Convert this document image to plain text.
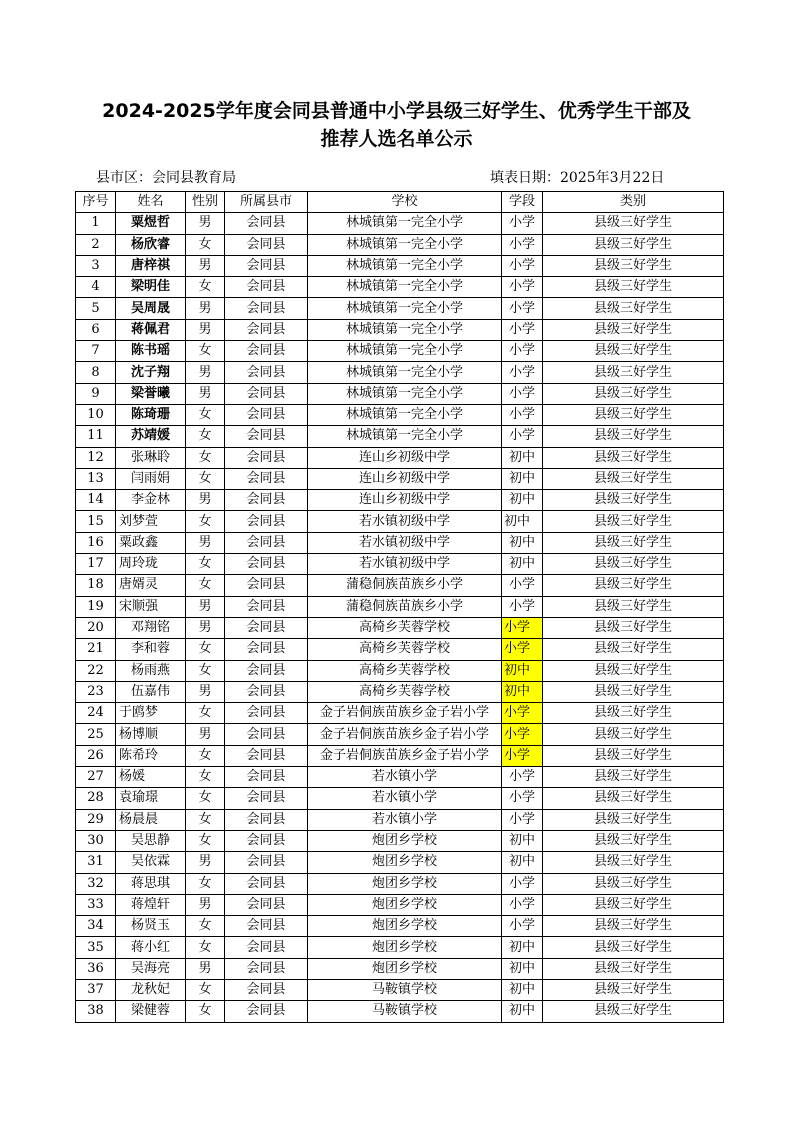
2024-2025学年度会同县普通中小学县级三好学生、优秀学生干部及
推荐人选名单公示
县市区：会同县教育局	填表日期：2025年3月22日
序号	姓名	性别	所属县市	学校	学段	类别
1	粟煜哲	男	会同县	林城镇第一完全小学	小学	县级三好学生
2	杨欣睿	女	会同县	林城镇第一完全小学	小学	县级三好学生
3	唐梓祺	男	会同县	林城镇第一完全小学	小学	县级三好学生
4	梁明佳	女	会同县	林城镇第一完全小学	小学	县级三好学生
5	吴周晟	男	会同县	林城镇第一完全小学	小学	县级三好学生
6	蒋佩君	男	会同县	林城镇第一完全小学	小学	县级三好学生
7	陈书瑶	女	会同县	林城镇第一完全小学	小学	县级三好学生
8	沈子翔	男	会同县	林城镇第一完全小学	小学	县级三好学生
9	梁誉曦	男	会同县	林城镇第一完全小学	小学	县级三好学生
10	陈琦珊	女	会同县	林城镇第一完全小学	小学	县级三好学生
11	苏靖媛	女	会同县	林城镇第一完全小学	小学	县级三好学生
12	张琳聆	女	会同县	连山乡初级中学	初中	县级三好学生
13	闫雨娟	女	会同县	连山乡初级中学	初中	县级三好学生
14	李金林	男	会同县	连山乡初级中学	初中	县级三好学生
15	刘梦萱	女	会同县	若水镇初级中学	初中	县级三好学生
16	粟政鑫	男	会同县	若水镇初级中学	初中	县级三好学生
17	周玲珑	女	会同县	若水镇初级中学	初中	县级三好学生
18	唐婿灵	女	会同县	蒲稳侗族苗族乡小学	小学	县级三好学生
19	宋顺强	男	会同县	蒲稳侗族苗族乡小学	小学	县级三好学生
20	邓翔铭	男	会同县	高椅乡芙蓉学校	小学	县级三好学生
21	李和蓉	女	会同县	高椅乡芙蓉学校	小学	县级三好学生
22	杨雨燕	女	会同县	高椅乡芙蓉学校	初中	县级三好学生
23	伍嘉伟	男	会同县	高椅乡芙蓉学校	初中	县级三好学生
24	于鸥梦	女	会同县	金子岩侗族苗族乡金子岩小学	小学	县级三好学生
25	杨博顺	男	会同县	金子岩侗族苗族乡金子岩小学	小学	县级三好学生
26	陈希玲	女	会同县	金子岩侗族苗族乡金子岩小学	小学	县级三好学生
27	杨媛	女	会同县	若水镇小学	小学	县级三好学生
28	袁瑜璟	女	会同县	若水镇小学	小学	县级三好学生
29	杨晨晨	女	会同县	若水镇小学	小学	县级三好学生
30	吴思静	女	会同县	炮团乡学校	初中	县级三好学生
31	吴依霖	男	会同县	炮团乡学校	初中	县级三好学生
32	蒋思琪	女	会同县	炮团乡学校	小学	县级三好学生
33	蒋煌轩	男	会同县	炮团乡学校	小学	县级三好学生
34	杨贤玉	女	会同县	炮团乡学校	小学	县级三好学生
35	蒋小红	女	会同县	炮团乡学校	初中	县级三好学生
36	吴海亮	男	会同县	炮团乡学校	初中	县级三好学生
37	龙秋妃	女	会同县	马鞍镇学校	初中	县级三好学生
38	梁健蓉	女	会同县	马鞍镇学校	初中	县级三好学生
